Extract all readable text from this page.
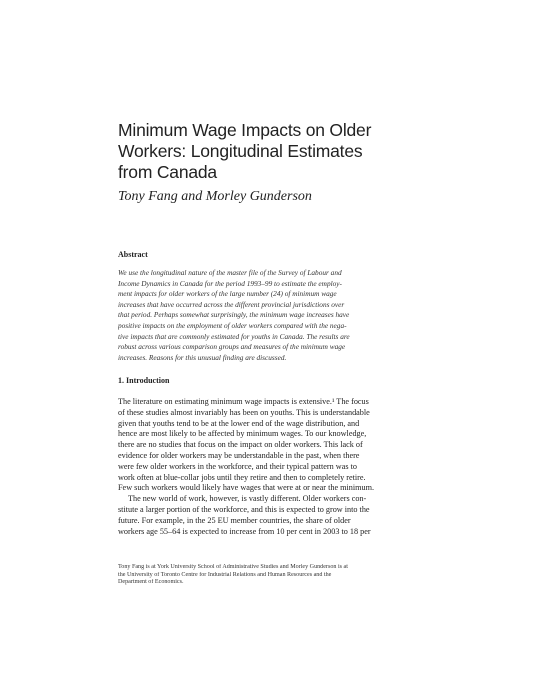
Minimum Wage Impacts on Older
Workers: Longitudinal Estimates
from Canada
Tony Fang and Morley Gunderson
Abstract
We use the longitudinal nature of the master file of the Survey of Labour and
Income Dynamics in Canada for the period 1993–99 to estimate the employ-
ment impacts for older workers of the large number (24) of minimum wage
increases that have occurred across the different provincial jurisdictions over
that period. Perhaps somewhat surprisingly, the minimum wage increases have
positive impacts on the employment of older workers compared with the nega-
tive impacts that are commonly estimated for youths in Canada. The results are
robust across various comparison groups and measures of the minimum wage
increases. Reasons for this unusual finding are discussed.
1. Introduction
The literature on estimating minimum wage impacts is extensive.¹ The focus
of these studies almost invariably has been on youths. This is understandable
given that youths tend to be at the lower end of the wage distribution, and
hence are most likely to be affected by minimum wages. To our knowledge,
there are no studies that focus on the impact on older workers. This lack of
evidence for older workers may be understandable in the past, when there
were few older workers in the workforce, and their typical pattern was to
work often at blue-collar jobs until they retire and then to completely retire.
Few such workers would likely have wages that were at or near the minimum.
The new world of work, however, is vastly different. Older workers con-
stitute a larger portion of the workforce, and this is expected to grow into the
future. For example, in the 25 EU member countries, the share of older
workers age 55–64 is expected to increase from 10 per cent in 2003 to 18 per
Tony Fang is at York University School of Administrative Studies and Morley Gunderson is at
the University of Toronto Centre for Industrial Relations and Human Resources and the
Department of Economics.
